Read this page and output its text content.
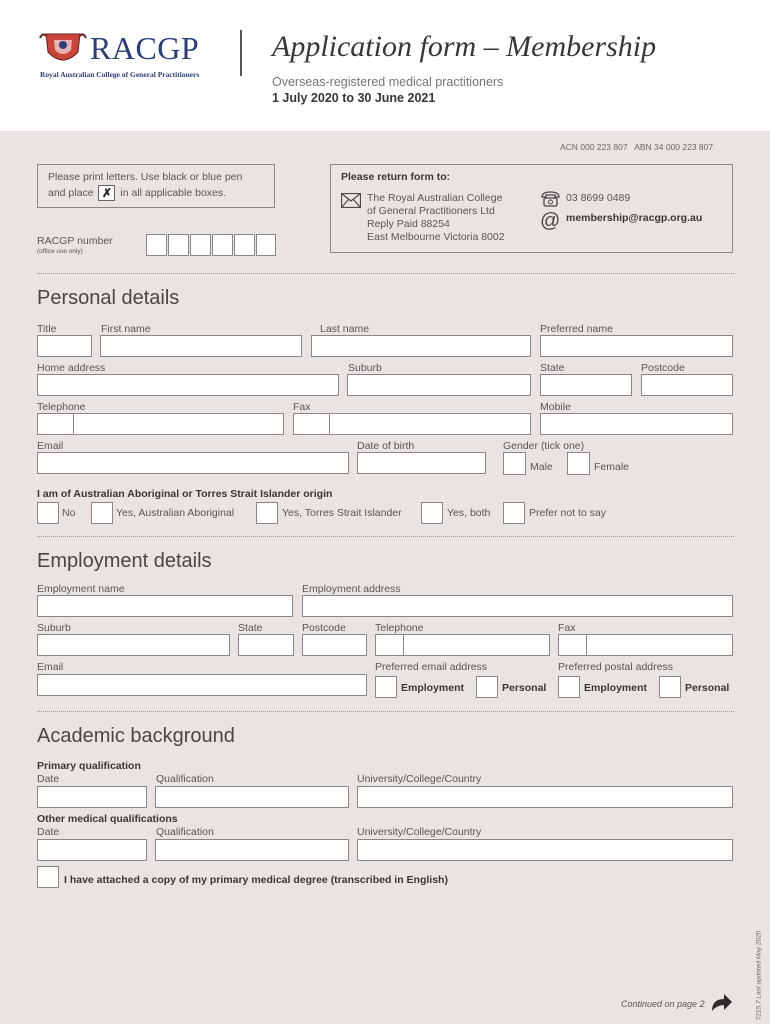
RACGP
Royal Australian College of General Practitioners
Application form – Membership
Overseas-registered medical practitioners
1 July 2020 to 30 June 2021
ACN 000 223 807   ABN 34 000 223 807
Please print letters. Use black or blue pen
and place ✗ in all applicable boxes.
RACGP number
(office use only)
Please return form to:
The Royal Australian College
of General Practitioners Ltd
Reply Paid 88254
East Melbourne Victoria 8002
03 8699 0489
@ membership@racgp.org.au
Personal details
Title	First name	Last name	Preferred name
Home address	Suburb	State	Postcode
Telephone	Fax	Mobile
Email	Date of birth	Gender (tick one)
Male	Female
I am of Australian Aboriginal or Torres Strait Islander origin
No	Yes, Australian Aboriginal	Yes, Torres Strait Islander	Yes, both	Prefer not to say
Employment details
Employment name	Employment address
Suburb	State	Postcode	Telephone	Fax
Email	Preferred email address	Preferred postal address
Employment	Personal	Employment	Personal
Academic background
Primary qualification
Date	Qualification	University/College/Country
Other medical qualifications
Date	Qualification	University/College/Country
I have attached a copy of my primary medical degree (transcribed in English)
Continued on page 2	7215.7 Last updated May 2020
